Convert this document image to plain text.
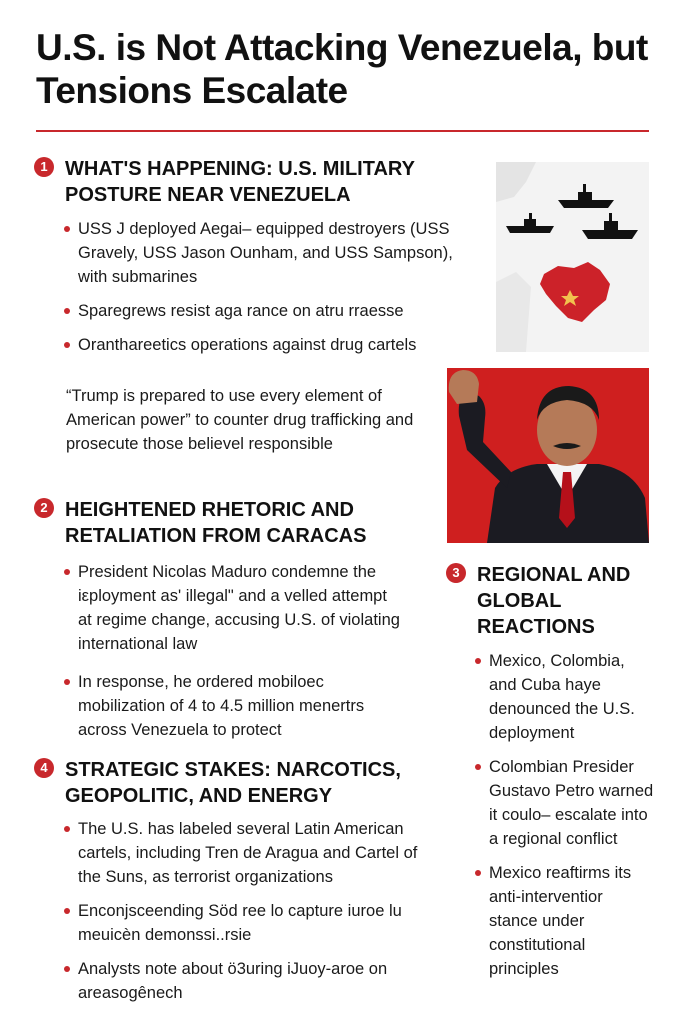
U.S. is Not Attacking Venezuela, but Tensions Escalate
1 WHAT'S HAPPENING: U.S. MILITARY POSTURE NEAR VENEZUELA
USS J deployed Aegai– equipped destroyers (USS Gravely, USS Jason Ounham, and USS Sampson), with submarines
Sparegrews resist aga rance on atru rraesse
Oranthareetics operations against drug cartels

“Trump is prepared to use every element of American power” to counter drug trafficking and prosecute those believel responsible

2 HEIGHTENED RHETORIC AND RETALIATION FROM CARACAS
President Nicolas Maduro condemne the iεployment as' illegal" and a velled attempt at regime change, accusing U.S. of violating international law
In response, he ordered mobiloec mobilization of 4 to 4.5 million menertrs across Venezuela to protect
3 REGIONAL AND GLOBAL REACTIONS
Mexico, Colombia, and Cuba haye denounced the U.S. deployment
Colombian Presider Gustavo Petro warned it coulo– escalate into a regional conflict
Mexico reaftirms its anti-interventior stance under constitutional principles
4 STRATEGIC STAKES: NARCOTICS, GEOPOLITIC, AND ENERGY
The U.S. has labeled several Latin American cartels, including Tren de Aragua and Cartel of the Suns, as terrorist organizations
Enconjsceending Söd ree lo capture iuroe lu meuicèn demonssi..rsie
Analysts note about ö3uring iJuoy-aroe on areasogênech
